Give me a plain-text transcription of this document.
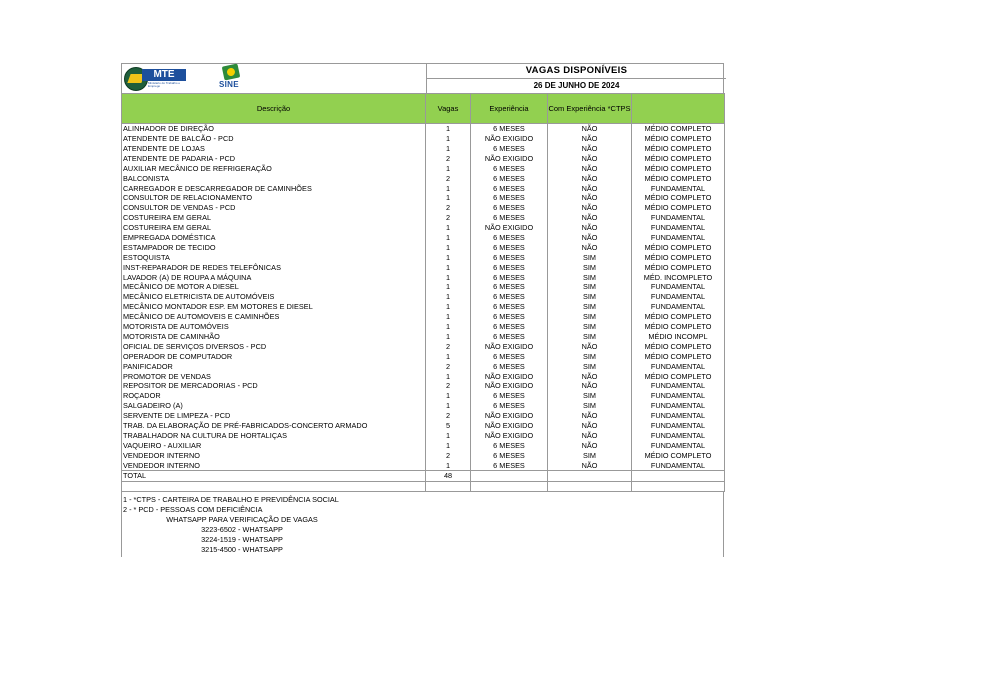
MTE
Ministério do Trabalho e Emprego	SINE
VAGAS DISPONÍVEIS
26 DE JUNHO DE 2024
Descrição	Vagas	Experiência	Com Experiência *CTPS	
ALINHADOR DE DIREÇÃO	1	6 MESES	NÃO	MÉDIO COMPLETO
ATENDENTE DE BALCÃO - PCD	1	NÃO EXIGIDO	NÃO	MÉDIO COMPLETO
ATENDENTE DE LOJAS	1	6 MESES	NÃO	MÉDIO COMPLETO
ATENDENTE DE PADARIA - PCD	2	NÃO EXIGIDO	NÃO	MÉDIO COMPLETO
AUXILIAR MECÂNICO DE REFRIGERAÇÃO	1	6 MESES	NÃO	MÉDIO COMPLETO
BALCONISTA	2	6 MESES	NÃO	MÉDIO COMPLETO
CARREGADOR E DESCARREGADOR DE CAMINHÕES	1	6 MESES	NÃO	FUNDAMENTAL
CONSULTOR DE RELACIONAMENTO	1	6 MESES	NÃO	MÉDIO COMPLETO
CONSULTOR DE VENDAS - PCD	2	6 MESES	NÃO	MÉDIO COMPLETO
COSTUREIRA EM GERAL	2	6 MESES	NÃO	FUNDAMENTAL
COSTUREIRA EM GERAL	1	NÃO EXIGIDO	NÃO	FUNDAMENTAL
EMPREGADA DOMÉSTICA	1	6 MESES	NÃO	FUNDAMENTAL
ESTAMPADOR DE TECIDO	1	6 MESES	NÃO	MÉDIO COMPLETO
ESTOQUISTA	1	6 MESES	SIM	MÉDIO COMPLETO
INST-REPARADOR DE REDES TELEFÔNICAS	1	6 MESES	SIM	MÉDIO COMPLETO
LAVADOR (A) DE ROUPA A MÁQUINA	1	6 MESES	SIM	MÉD. INCOMPLETO
MECÂNICO DE MOTOR A DIESEL	1	6 MESES	SIM	FUNDAMENTAL
MECÂNICO ELETRICISTA DE AUTOMÓVEIS	1	6 MESES	SIM	FUNDAMENTAL
MECÂNICO MONTADOR ESP. EM MOTORES E DIESEL	1	6 MESES	SIM	FUNDAMENTAL
MECÂNICO DE AUTOMOVEIS E CAMINHÕES	1	6 MESES	SIM	MÉDIO COMPLETO
MOTORISTA DE AUTOMÓVEIS	1	6 MESES	SIM	MÉDIO COMPLETO
MOTORISTA DE CAMINHÃO	1	6 MESES	SIM	MÉDIO INCOMPL
OFICIAL DE SERVIÇOS DIVERSOS - PCD	2	NÃO EXIGIDO	NÃO	MÉDIO COMPLETO
OPERADOR DE COMPUTADOR	1	6 MESES	SIM	MÉDIO COMPLETO
PANIFICADOR	2	6 MESES	SIM	FUNDAMENTAL
PROMOTOR DE VENDAS	1	NÃO EXIGIDO	NÃO	MÉDIO COMPLETO
REPOSITOR DE MERCADORIAS - PCD	2	NÃO EXIGIDO	NÃO	FUNDAMENTAL
ROÇADOR	1	6 MESES	SIM	FUNDAMENTAL
SALGADEIRO (A)	1	6 MESES	SIM	FUNDAMENTAL
SERVENTE DE LIMPEZA - PCD	2	NÃO EXIGIDO	NÃO	FUNDAMENTAL
TRAB. DA ELABORAÇÃO DE PRÉ-FABRICADOS-CONCERTO ARMADO	5	NÃO EXIGIDO	NÃO	FUNDAMENTAL
TRABALHADOR NA CULTURA DE HORTALIÇAS	1	NÃO EXIGIDO	NÃO	FUNDAMENTAL
VAQUEIRO - AUXILIAR	1	6 MESES	NÃO	FUNDAMENTAL
VENDEDOR INTERNO	2	6 MESES	SIM	MÉDIO COMPLETO
VENDEDOR INTERNO	1	6 MESES	NÃO	FUNDAMENTAL
TOTAL	48			

1 - *CTPS - CARTEIRA DE TRABALHO E PREVIDÊNCIA SOCIAL
2 - * PCD - PESSOAS COM DEFICIÊNCIA
WHATSAPP PARA VERIFICAÇÃO DE VAGAS
3223-6502 - WHATSAPP
3224-1519 - WHATSAPP
3215-4500 - WHATSAPP
